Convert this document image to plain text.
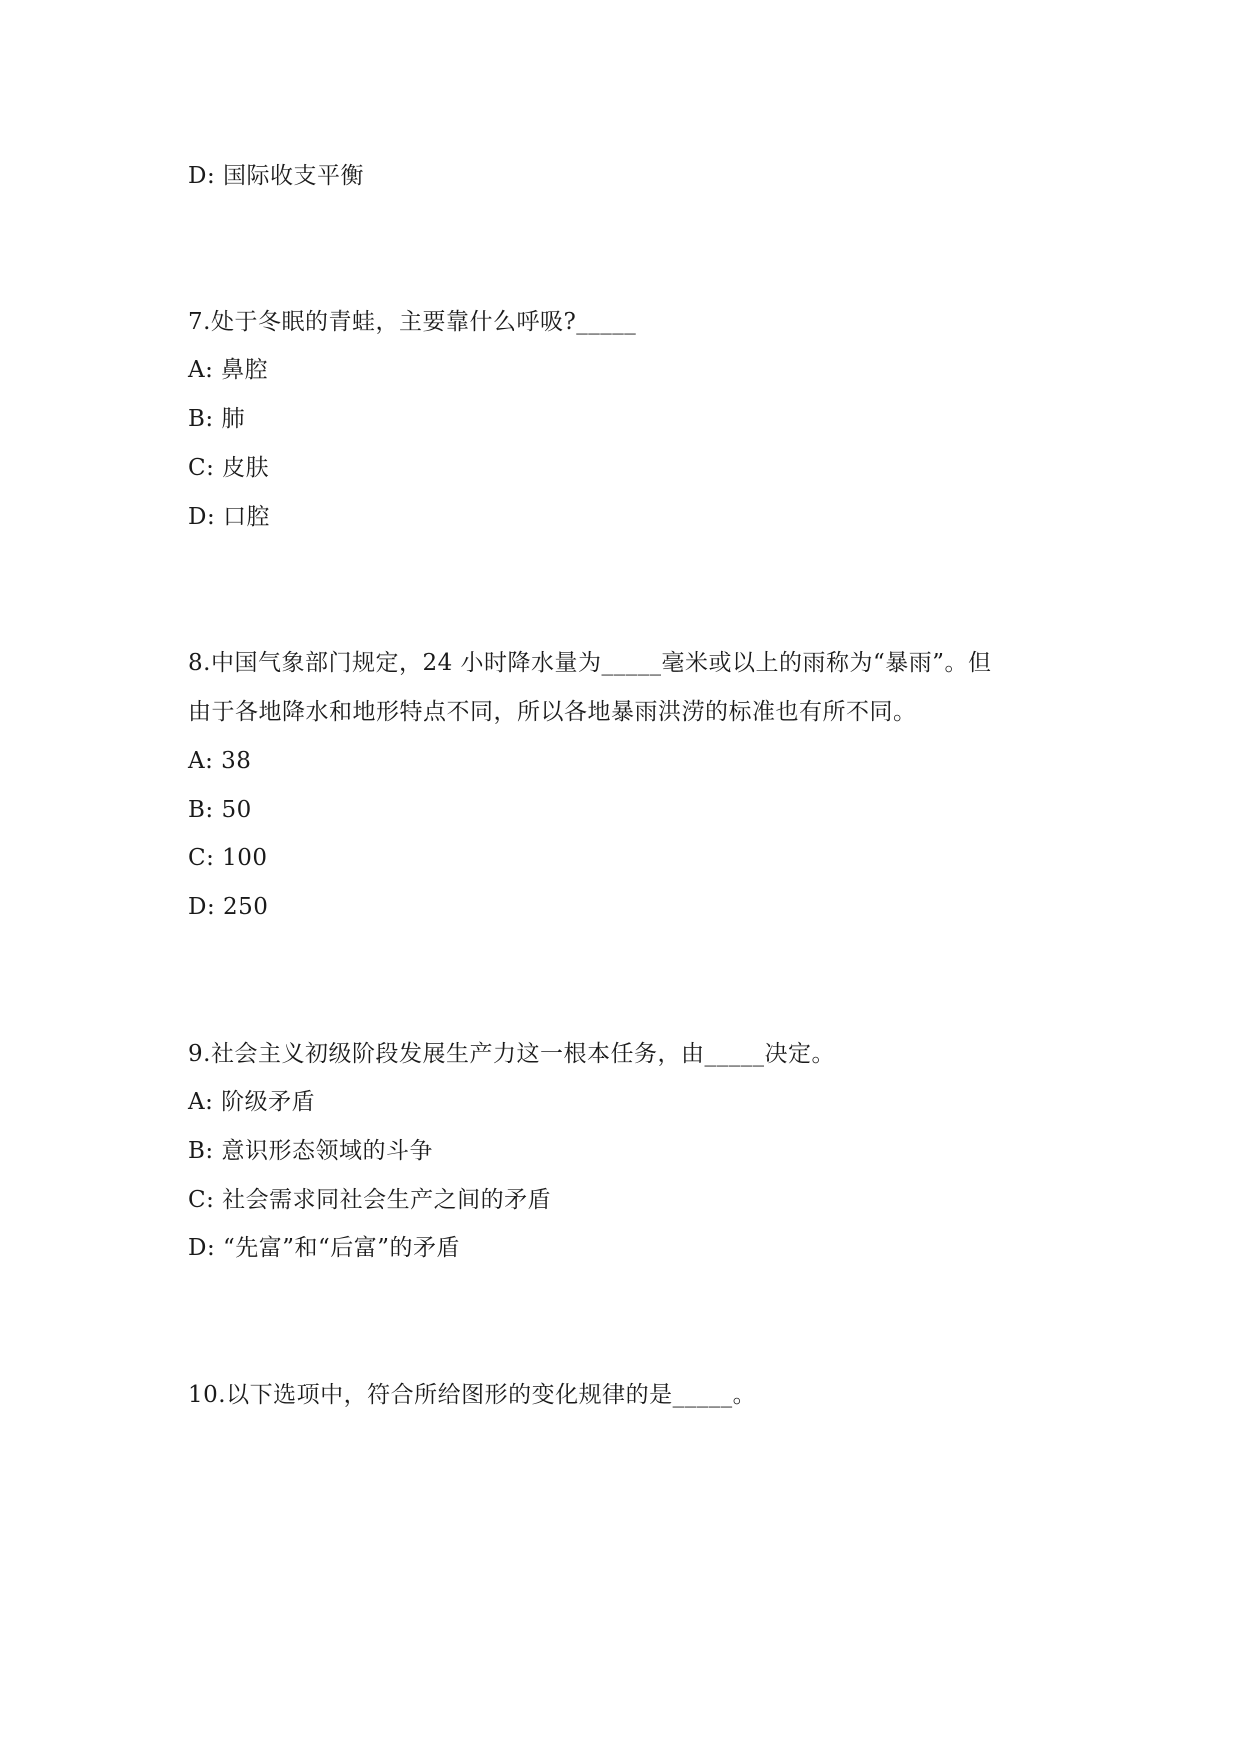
D: 国际收支平衡
7.处于冬眠的青蛙，主要靠什么呼吸?_____
A: 鼻腔
B: 肺
C: 皮肤
D: 口腔
8.中国气象部门规定，24 小时降水量为_____毫米或以上的雨称为“暴雨”。但
由于各地降水和地形特点不同，所以各地暴雨洪涝的标准也有所不同。
A: 38
B: 50
C: 100
D: 250
9.社会主义初级阶段发展生产力这一根本任务，由_____决定。
A: 阶级矛盾
B: 意识形态领域的斗争
C: 社会需求同社会生产之间的矛盾
D: “先富”和“后富”的矛盾
10.以下选项中，符合所给图形的变化规律的是_____。
